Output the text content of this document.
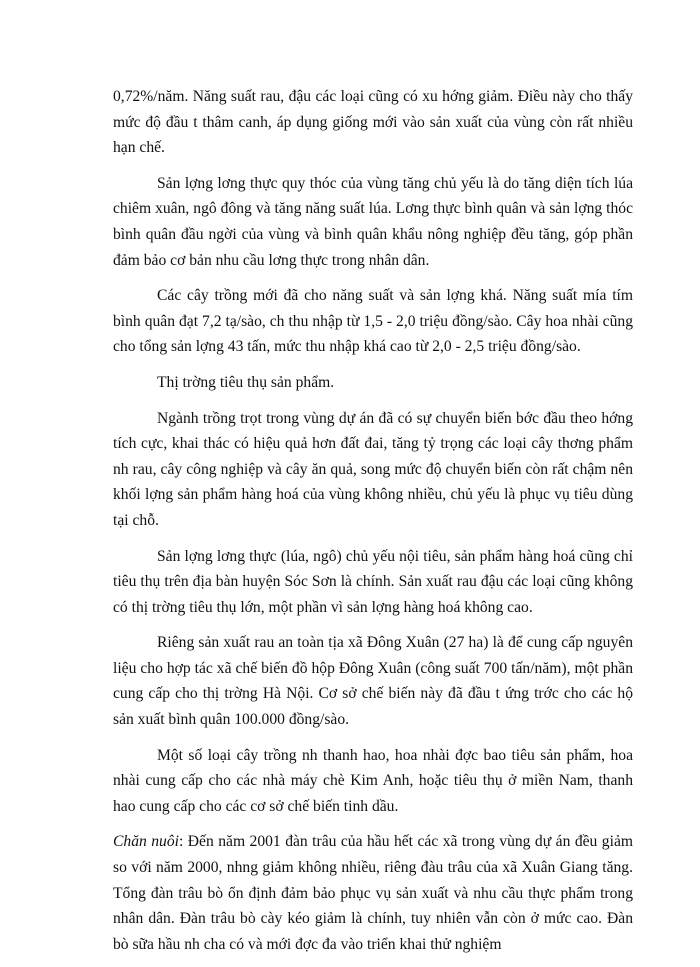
0,72%/năm. Năng suất rau, đậu các loại cũng có xu hớng giảm. Điều này cho thấy mức độ đầu t thâm canh, áp dụng giống mới vào sản xuất của vùng còn rất nhiều hạn chế.

Sản lợng lơng thực quy thóc của vùng tăng chủ yếu là do tăng diện tích lúa chiêm xuân, ngô đông và tăng năng suất lúa. Lơng thực bình quân và sản lợng thóc bình quân đầu ngời của vùng và bình quân khẩu nông nghiệp đều tăng, góp phần đảm bảo cơ bản nhu cầu lơng thực trong nhân dân.

Các cây trồng mới đã cho năng suất và sản lợng khá. Năng suất mía tím bình quân đạt 7,2 tạ/sào, ch thu nhập từ 1,5 - 2,0 triệu đồng/sào. Cây hoa nhài cũng cho tổng sản lợng 43 tấn, mức thu nhập khá cao từ 2,0 - 2,5 triệu đồng/sào.

Thị trờng tiêu thụ sản phẩm.

Ngành trồng trọt trong vùng dự án đã có sự chuyển biến bớc đầu theo hớng tích cực, khai thác có hiệu quả hơn đất đai, tăng tỷ trọng các loại cây thơng phẩm nh rau, cây công nghiệp và cây ăn quả, song mức độ chuyển biến còn rất chậm nên khối lợng sản phẩm hàng hoá của vùng không nhiều, chủ yếu là phục vụ tiêu dùng tại chỗ.

Sản lợng lơng thực (lúa, ngô) chủ yếu nội tiêu, sản phẩm hàng hoá cũng chỉ tiêu thụ trên địa bàn huyện Sóc Sơn là chính. Sản xuất rau đậu các loại cũng không có thị trờng tiêu thụ lớn, một phần vì sản lợng hàng hoá không cao.

Riêng sản xuất rau an toàn tịa xã Đông Xuân (27 ha) là để cung cấp nguyên liệu cho hợp tác xã chế biến đồ hộp Đông Xuân (công suất 700 tấn/năm), một phần cung cấp cho thị trờng Hà Nội. Cơ sở chế biến này đã đầu t ứng trớc cho các hộ sản xuất bình quân 100.000 đồng/sào.

Một số loại cây trồng nh thanh hao, hoa nhài đợc bao tiêu sản phẩm, hoa nhài cung cấp cho các nhà máy chè Kim Anh, hoặc tiêu thụ ở miền Nam, thanh hao cung cấp cho các cơ sở chế biến tinh dầu.

Chăn nuôi: Đến năm 2001 đàn trâu của hầu hết các xã trong vùng dự án đều giảm so với năm 2000, nhng giảm không nhiều, riêng đàu trâu của xã Xuân Giang tăng. Tổng đàn trâu bò ổn định đảm bảo phục vụ sản xuất và nhu cầu thực phẩm trong nhân dân. Đàn trâu bò cày kéo giảm là chính, tuy nhiên vẫn còn ở mức cao. Đàn bò sữa hầu nh cha có và mới đợc đa vào triển khai thử nghiệm
